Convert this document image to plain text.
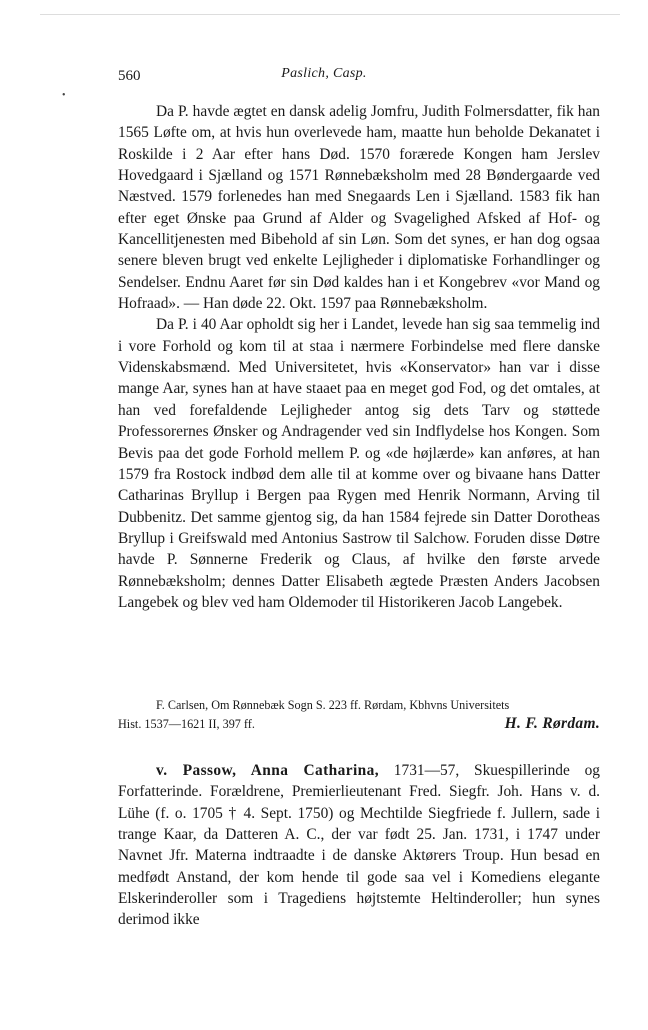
560	Paslich, Casp.
•

Da P. havde ægtet en dansk adelig Jomfru, Judith Folmersdatter, fik han 1565 Løfte om, at hvis hun overlevede ham, maatte hun beholde Dekanatet i Roskilde i 2 Aar efter hans Død. 1570 forærede Kongen ham Jerslev Hovedgaard i Sjælland og 1571 Rønnebæksholm med 28 Bøndergaarde ved Næstved. 1579 forlenedes han med Snegaards Len i Sjælland. 1583 fik han efter eget Ønske paa Grund af Alder og Svagelighed Afsked af Hof- og Kancellitjenesten med Bibehold af sin Løn. Som det synes, er han dog ogsaa senere bleven brugt ved enkelte Lejligheder i diplomatiske Forhandlinger og Sendelser. Endnu Aaret før sin Død kaldes han i et Kongebrev «vor Mand og Hofraad». — Han døde 22. Okt. 1597 paa Rønnebæksholm.

Da P. i 40 Aar opholdt sig her i Landet, levede han sig saa temmelig ind i vore Forhold og kom til at staa i nærmere Forbindelse med flere danske Videnskabsmænd. Med Universitetet, hvis «Konservator» han var i disse mange Aar, synes han at have staaet paa en meget god Fod, og det omtales, at han ved forefaldende Lejligheder antog sig dets Tarv og støttede Professorernes Ønsker og Andragender ved sin Indflydelse hos Kongen. Som Bevis paa det gode Forhold mellem P. og «de højlærde» kan anføres, at han 1579 fra Rostock indbød dem alle til at komme over og bivaane hans Datter Catharinas Bryllup i Bergen paa Rygen med Henrik Normann, Arving til Dubbenitz. Det samme gjentog sig, da han 1584 fejrede sin Datter Dorotheas Bryllup i Greifswald med Antonius Sastrow til Salchow. Foruden disse Døtre havde P. Sønnerne Frederik og Claus, af hvilke den første arvede Rønnebæksholm; dennes Datter Elisabeth ægtede Præsten Anders Jacobsen Langebek og blev ved ham Oldemoder til Historikeren Jacob Langebek.

F. Carlsen, Om Rønnebæk Sogn S. 223 ff. Rørdam, Kbhvns Universitets
Hist. 1537—1621 II, 397 ff.	H. F. Rørdam.

v. Passow, Anna Catharina, 1731—57, Skuespillerinde og Forfatterinde. Forældrene, Premierlieutenant Fred. Siegfr. Joh. Hans v. d. Lühe (f. o. 1705 † 4. Sept. 1750) og Mechtilde Siegfriede f. Jullern, sade i trange Kaar, da Datteren A. C., der var født 25. Jan. 1731, i 1747 under Navnet Jfr. Materna indtraadte i de danske Aktørers Troup. Hun besad en medfødt Anstand, der kom hende til gode saa vel i Komediens elegante Elskerinderoller som i Tragediens højtstemte Heltinderoller; hun synes derimod ikke
